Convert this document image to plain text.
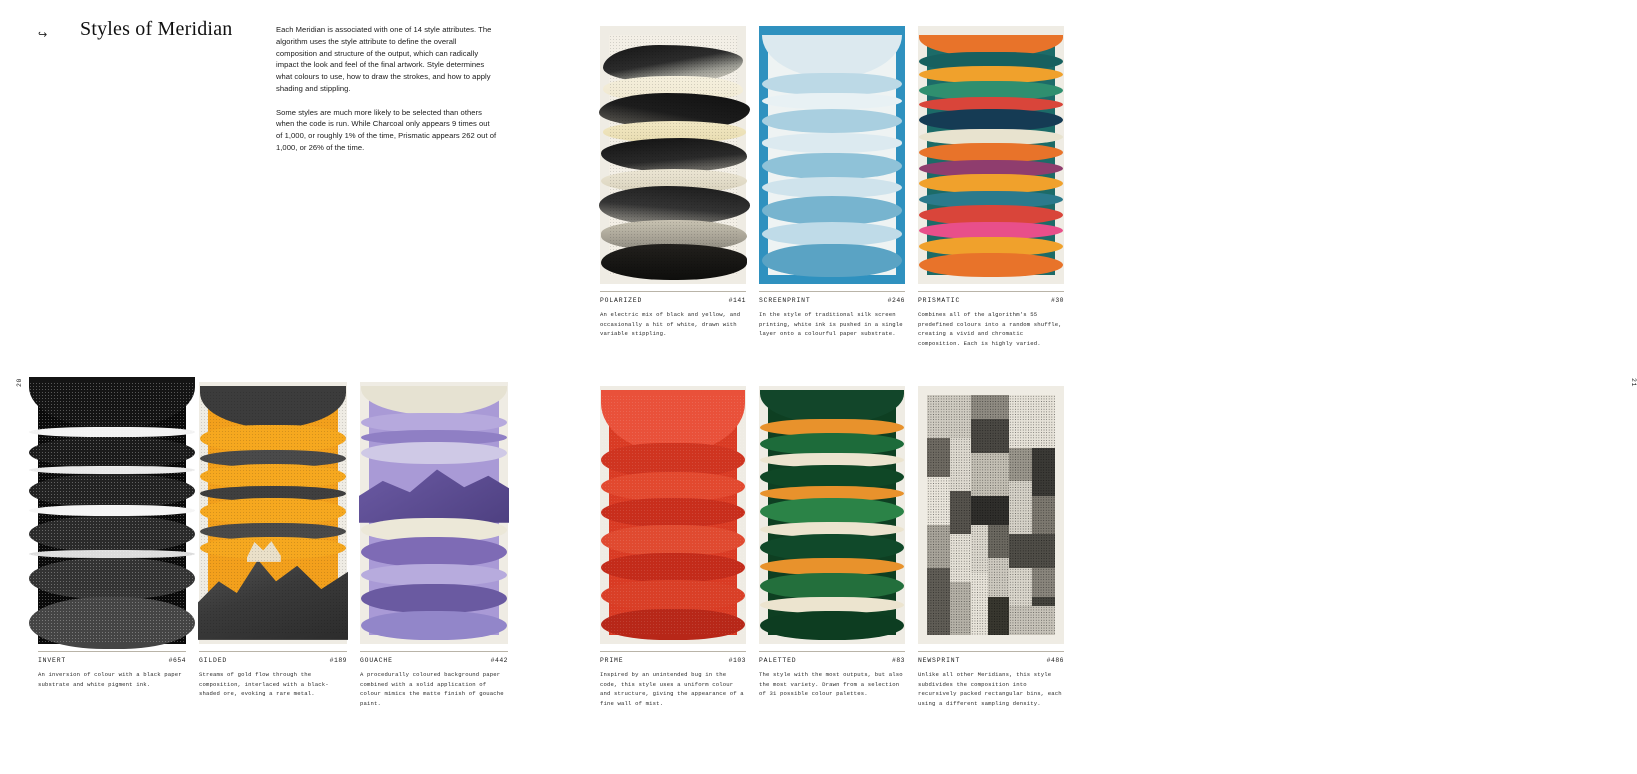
↪ Styles of Meridian	Each Meridian is associated with one of 14 style attributes. The algorithm uses the style attribute to define the overall composition and structure of the output, which can radically impact the look and feel of the final artwork. Style determines what colours to use, how to draw the strokes, and how to apply shading and stippling.

Some styles are much more likely to be selected than others when the code is run. While Charcoal only appears 9 times out of 1,000, or roughly 1% of the time, Prismatic appears 262 out of 1,000, or 26% of the time.

20
INVERT	#654
An inversion of colour with a black paper substrate and white pigment ink.
GILDED	#189
Streams of gold flow through the composition, interlaced with a black-shaded ore, evoking a rare metal.
GOUACHE	#442
A procedurally coloured background paper combined with a solid application of colour mimics the matte finish of gouache paint.
21
POLARIZED	#141
An electric mix of black and yellow, and occasionally a hit of white, drawn with variable stippling.
SCREENPRINT	#246
In the style of traditional silk screen printing, white ink is pushed in a single layer onto a colourful paper substrate.
PRISMATIC	#30
Combines all of the algorithm's 55 predefined colours into a random shuffle, creating a vivid and chromatic composition. Each is highly varied.
PRIME	#103
Inspired by an unintended bug in the code, this style uses a uniform colour and structure, giving the appearance of a fine wall of mist.
PALETTED	#83
The style with the most outputs, but also the most variety. Drawn from a selection of 31 possible colour palettes.
NEWSPRINT	#486
Unlike all other Meridians, this style subdivides the composition into recursively packed rectangular bins, each using a different sampling density.
